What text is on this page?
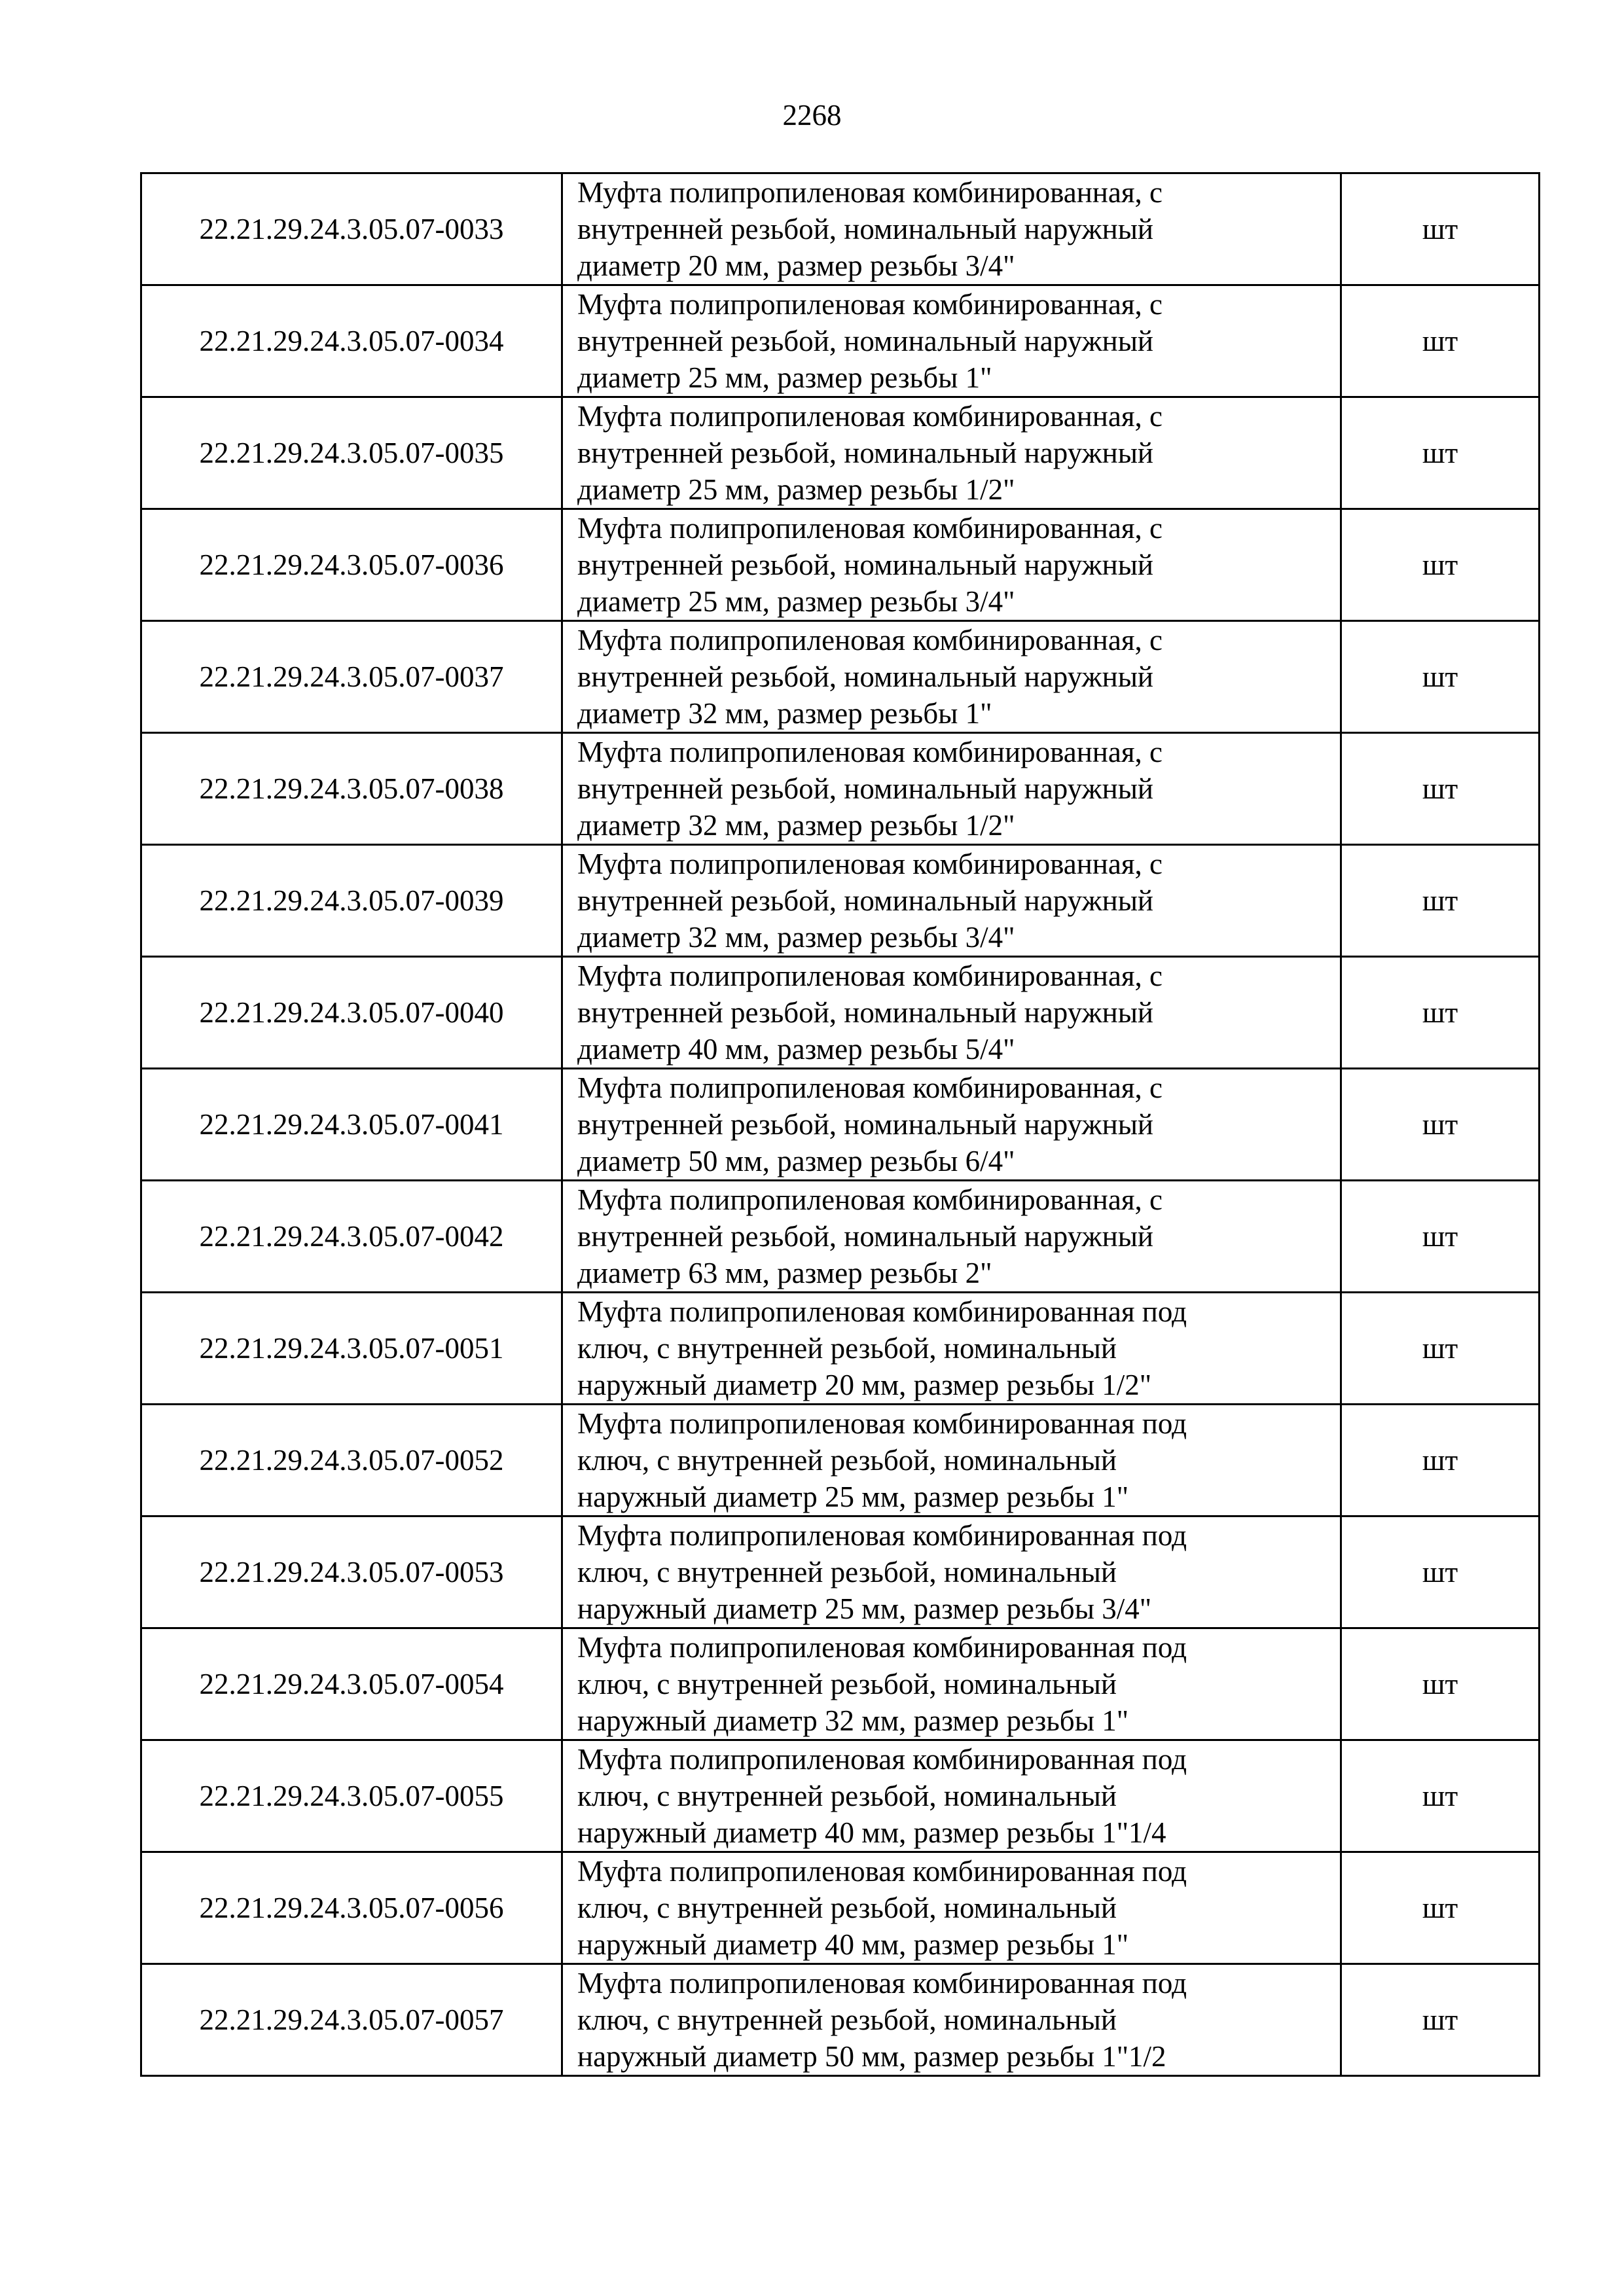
2268
22.21.29.24.3.05.07-0033	Муфта полипропиленовая комбинированная, с
внутренней резьбой, номинальный наружный
диаметр 20 мм, размер резьбы 3/4"	шт
22.21.29.24.3.05.07-0034	Муфта полипропиленовая комбинированная, с
внутренней резьбой, номинальный наружный
диаметр 25 мм, размер резьбы 1"	шт
22.21.29.24.3.05.07-0035	Муфта полипропиленовая комбинированная, с
внутренней резьбой, номинальный наружный
диаметр 25 мм, размер резьбы 1/2"	шт
22.21.29.24.3.05.07-0036	Муфта полипропиленовая комбинированная, с
внутренней резьбой, номинальный наружный
диаметр 25 мм, размер резьбы 3/4"	шт
22.21.29.24.3.05.07-0037	Муфта полипропиленовая комбинированная, с
внутренней резьбой, номинальный наружный
диаметр 32 мм, размер резьбы 1"	шт
22.21.29.24.3.05.07-0038	Муфта полипропиленовая комбинированная, с
внутренней резьбой, номинальный наружный
диаметр 32 мм, размер резьбы 1/2"	шт
22.21.29.24.3.05.07-0039	Муфта полипропиленовая комбинированная, с
внутренней резьбой, номинальный наружный
диаметр 32 мм, размер резьбы 3/4"	шт
22.21.29.24.3.05.07-0040	Муфта полипропиленовая комбинированная, с
внутренней резьбой, номинальный наружный
диаметр 40 мм, размер резьбы 5/4"	шт
22.21.29.24.3.05.07-0041	Муфта полипропиленовая комбинированная, с
внутренней резьбой, номинальный наружный
диаметр 50 мм, размер резьбы 6/4"	шт
22.21.29.24.3.05.07-0042	Муфта полипропиленовая комбинированная, с
внутренней резьбой, номинальный наружный
диаметр 63 мм, размер резьбы 2"	шт
22.21.29.24.3.05.07-0051	Муфта полипропиленовая комбинированная под
ключ, с внутренней резьбой, номинальный
наружный диаметр 20 мм, размер резьбы 1/2"	шт
22.21.29.24.3.05.07-0052	Муфта полипропиленовая комбинированная под
ключ, с внутренней резьбой, номинальный
наружный диаметр 25 мм, размер резьбы 1"	шт
22.21.29.24.3.05.07-0053	Муфта полипропиленовая комбинированная под
ключ, с внутренней резьбой, номинальный
наружный диаметр 25 мм, размер резьбы 3/4"	шт
22.21.29.24.3.05.07-0054	Муфта полипропиленовая комбинированная под
ключ, с внутренней резьбой, номинальный
наружный диаметр 32 мм, размер резьбы 1"	шт
22.21.29.24.3.05.07-0055	Муфта полипропиленовая комбинированная под
ключ, с внутренней резьбой, номинальный
наружный диаметр 40 мм, размер резьбы 1"1/4	шт
22.21.29.24.3.05.07-0056	Муфта полипропиленовая комбинированная под
ключ, с внутренней резьбой, номинальный
наружный диаметр 40 мм, размер резьбы 1"	шт
22.21.29.24.3.05.07-0057	Муфта полипропиленовая комбинированная под
ключ, с внутренней резьбой, номинальный
наружный диаметр 50 мм, размер резьбы 1"1/2	шт
